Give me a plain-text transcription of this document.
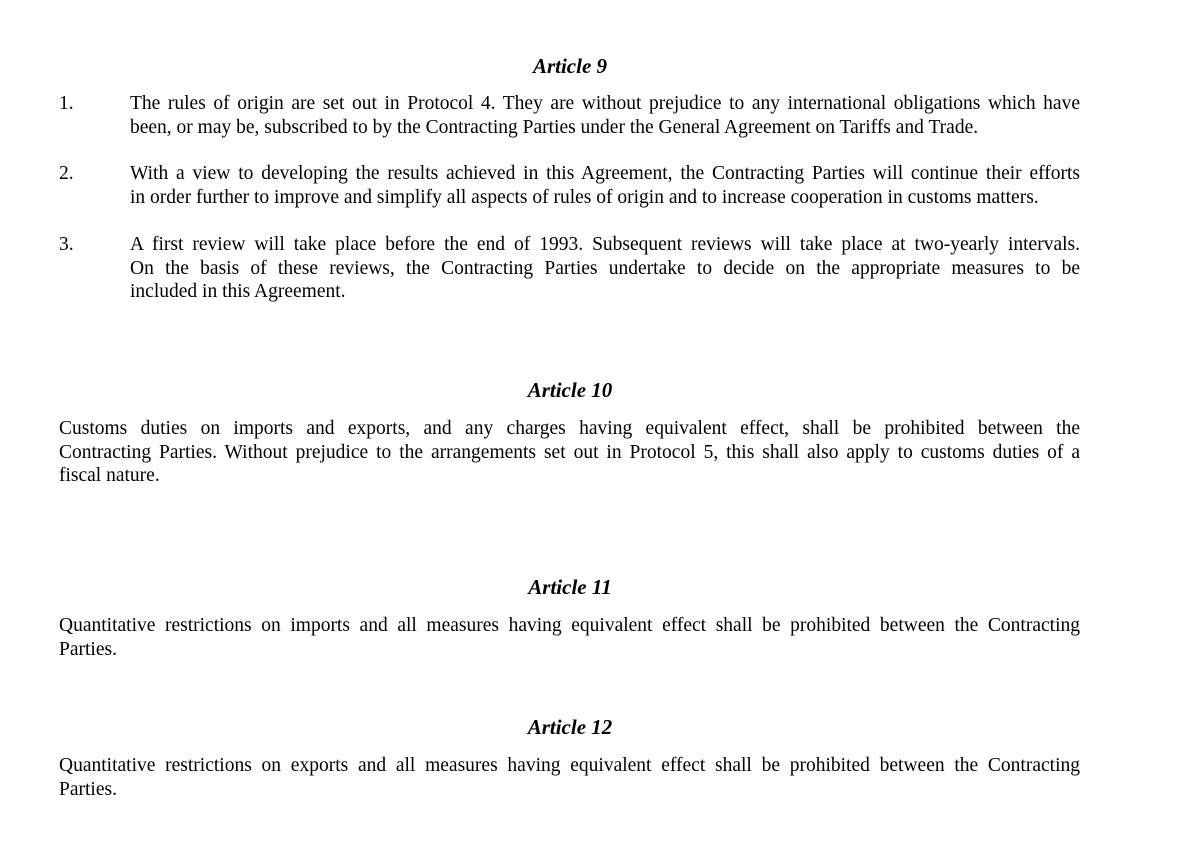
Article 9
1.	The rules of origin are set out in Protocol 4. They are without prejudice to any international obligations which have
been, or may be, subscribed to by the Contracting Parties under the General Agreement on Tariffs and Trade.
2.	With a view to developing the results achieved in this Agreement, the Contracting Parties will continue their efforts
in order further to improve and simplify all aspects of rules of origin and to increase cooperation in customs matters.
3.	A first review will take place before the end of 1993. Subsequent reviews will take place at two-yearly intervals.
On the basis of these reviews, the Contracting Parties undertake to decide on the appropriate measures to be
included in this Agreement.
Article 10
Customs duties on imports and exports, and any charges having equivalent effect, shall be prohibited between the
Contracting Parties. Without prejudice to the arrangements set out in Protocol 5, this shall also apply to customs duties of a
fiscal nature.
Article 11
Quantitative restrictions on imports and all measures having equivalent effect shall be prohibited between the Contracting
Parties.
Article 12
Quantitative restrictions on exports and all measures having equivalent effect shall be prohibited between the Contracting
Parties.
